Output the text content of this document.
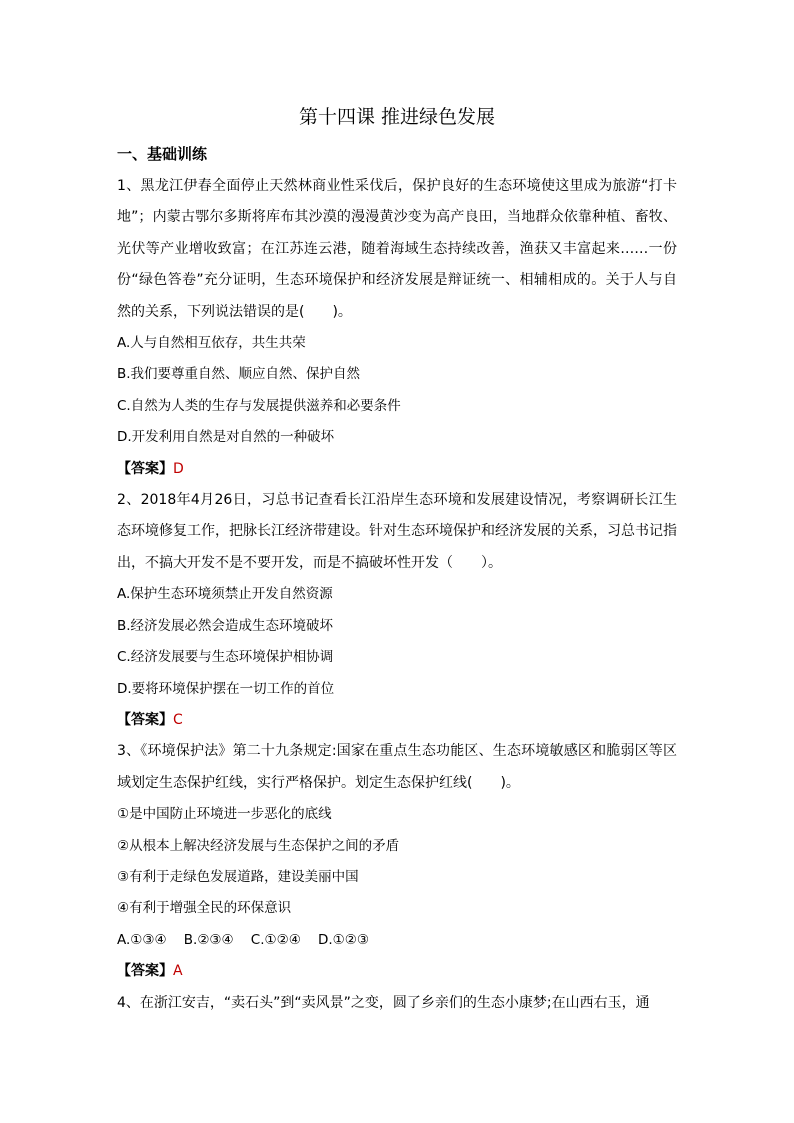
第十四课 推进绿色发展
一、基础训练

1、黑龙江伊春全面停止天然林商业性采伐后，保护良好的生态环境使这里成为旅游“打卡地”；内蒙古鄂尔多斯将库布其沙漠的漫漫黄沙变为高产良田，当地群众依靠种植、畜牧、光伏等产业增收致富；在江苏连云港，随着海域生态持续改善，渔获又丰富起来……一份份“绿色答卷”充分证明，生态环境保护和经济发展是辩证统一、相辅相成的。关于人与自然的关系，下列说法错误的是(　　)。

A.人与自然相互依存，共生共荣

B.我们要尊重自然、顺应自然、保护自然

C.自然为人类的生存与发展提供滋养和必要条件

D.开发利用自然是对自然的一种破坏

【答案】D

2、2018年4月26日，习总书记查看长江沿岸生态环境和发展建设情况，考察调研长江生态环境修复工作，把脉长江经济带建设。针对生态环境保护和经济发展的关系，习总书记指出，不搞大开发不是不要开发，而是不搞破坏性开发（　　）。

A.保护生态环境须禁止开发自然资源

B.经济发展必然会造成生态环境破坏

C.经济发展要与生态环境保护相协调

D.要将环境保护摆在一切工作的首位

【答案】C

3、《环境保护法》第二十九条规定:国家在重点生态功能区、生态环境敏感区和脆弱区等区域划定生态保护红线，实行严格保护。划定生态保护红线(　　)。

①是中国防止环境进一步恶化的底线

②从根本上解决经济发展与生态保护之间的矛盾

③有利于走绿色发展道路，建设美丽中国

④有利于增强全民的环保意识

A.①③④    B.②③④    C.①②④    D.①②③

【答案】A

4、在浙江安吉，“卖石头”到“卖风景”之变，圆了乡亲们的生态小康梦;在山西右玉，通
